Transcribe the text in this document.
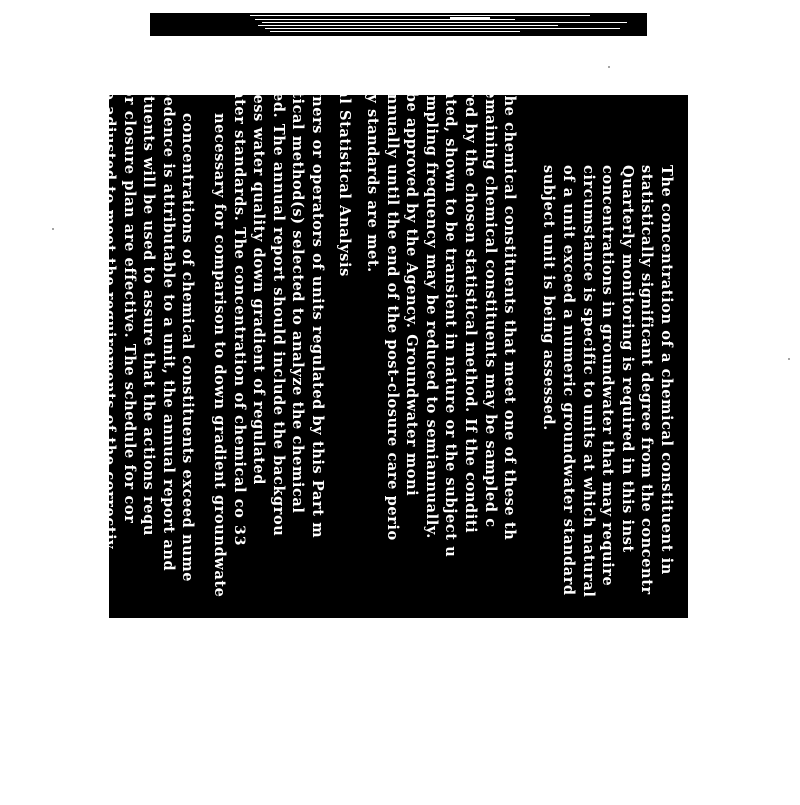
The concentration of a chemical constituent in
statistically significant degree from the concentr
Quarterly monitoring is required in this inst
concentrations in groundwater that may require
circumstance is specific to units at which natural
of a unit exceed a numeric groundwater standard
subject unit is being assessed.
Only the chemical constituents that meet one of these th
The remaining chemical constituents may be sampled c
required by the chosen statistical method. If the conditi
mitigated, shown to be transient in nature or the subject u
the sampling frequency may be reduced to semiannually.
must be approved by the Agency. Groundwater moni
semiannually until the end of the post-closure care perio
quality standards are met.
Annual Statistical Analysis
All owners or operators of units regulated by this Part m
statistical method(s) selected to analyze the chemical
ollected. The annual report should include the backgrou
ill assess water quality down gradient of regulated
undwater standards. The concentration of chemical co
necessary for comparison to down gradient groundwate
concentrations of chemical constituents exceed nume
e exceedence is attributable to a unit, the annual report and
constituents will be used to assure that the actions requ
plan or closure plan are effective. The schedule for cor
will be adjusted to meet the requirements of the correctiv
unneeded or duplicative efforts. The statistical method u
corrective action or preventive response is likely to be dif	33
